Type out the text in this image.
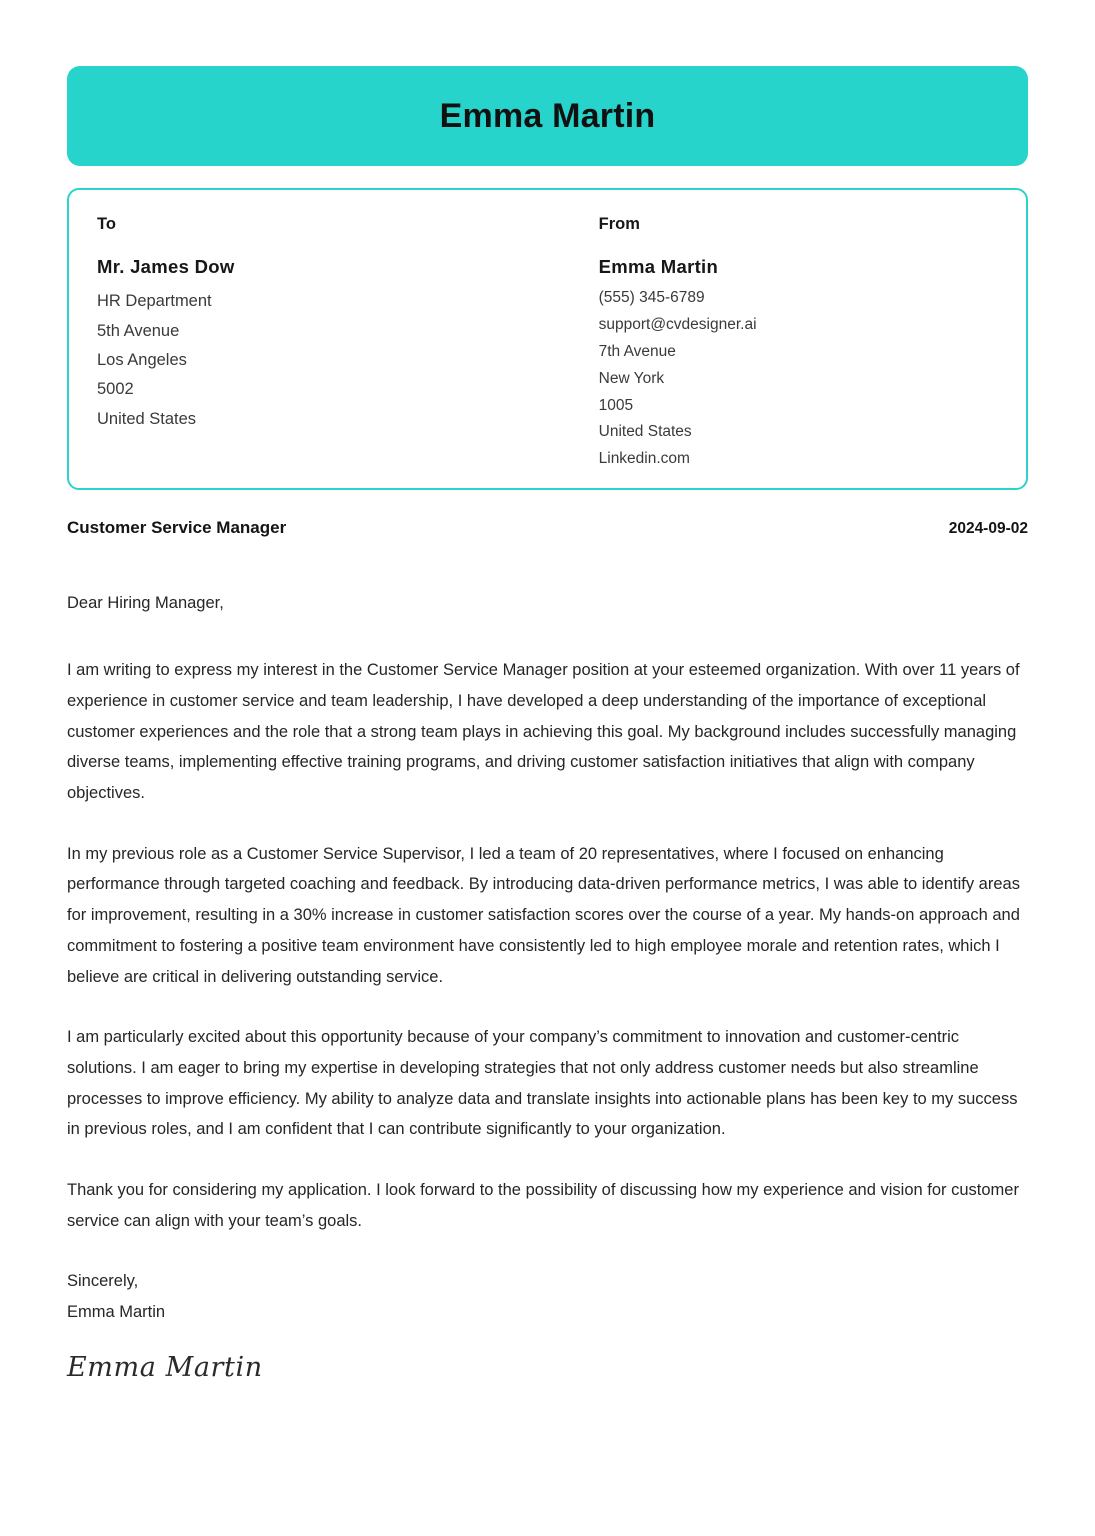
Emma Martin
To
Mr. James Dow
HR Department
5th Avenue
Los Angeles
5002
United States
From
Emma Martin
(555) 345-6789
support@cvdesigner.ai
7th Avenue
New York
1005
United States
Linkedin.com
Customer Service Manager	2024-09-02

Dear Hiring Manager,

I am writing to express my interest in the Customer Service Manager position at your esteemed organization. With over 11 years of experience in customer service and team leadership, I have developed a deep understanding of the importance of exceptional customer experiences and the role that a strong team plays in achieving this goal. My background includes successfully managing diverse teams, implementing effective training programs, and driving customer satisfaction initiatives that align with company objectives.

In my previous role as a Customer Service Supervisor, I led a team of 20 representatives, where I focused on enhancing performance through targeted coaching and feedback. By introducing data-driven performance metrics, I was able to identify areas for improvement, resulting in a 30% increase in customer satisfaction scores over the course of a year. My hands-on approach and commitment to fostering a positive team environment have consistently led to high employee morale and retention rates, which I believe are critical in delivering outstanding service.

I am particularly excited about this opportunity because of your company’s commitment to innovation and customer-centric solutions. I am eager to bring my expertise in developing strategies that not only address customer needs but also streamline processes to improve efficiency. My ability to analyze data and translate insights into actionable plans has been key to my success in previous roles, and I am confident that I can contribute significantly to your organization.

Thank you for considering my application. I look forward to the possibility of discussing how my experience and vision for customer service can align with your team’s goals.

Sincerely,
Emma Martin
Emma Martin
